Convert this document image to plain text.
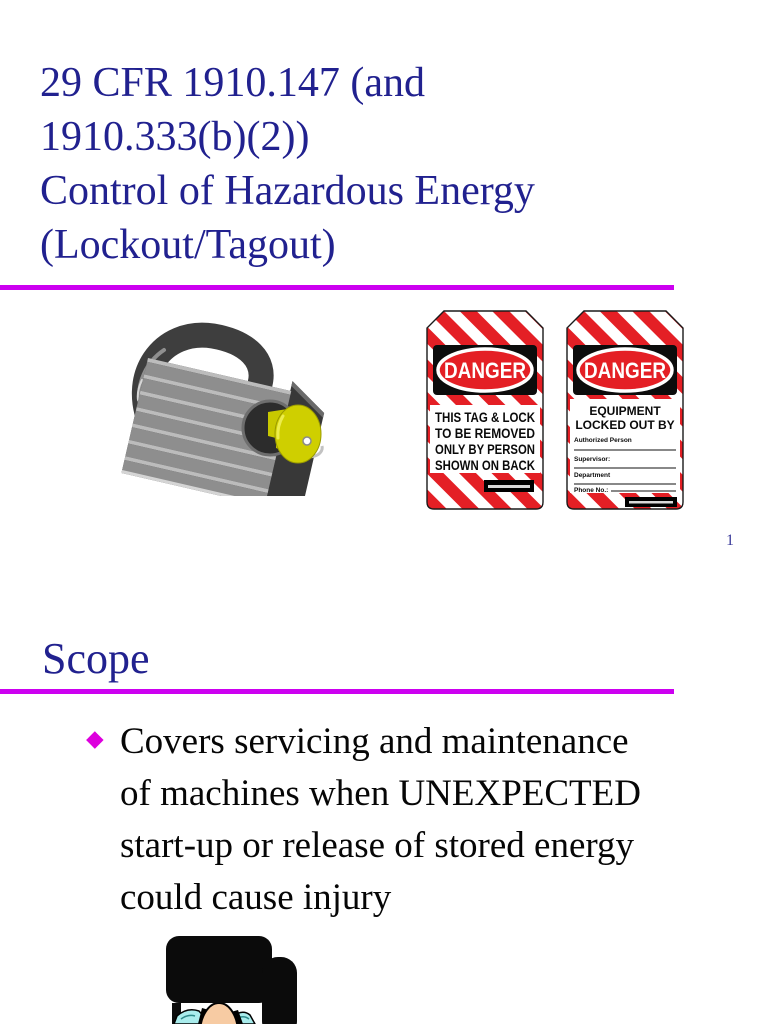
29 CFR 1910.147 (and
1910.333(b)(2))
Control of Hazardous Energy
(Lockout/Tagout)
DANGER
THIS TAG & LOCK
TO BE REMOVED
ONLY BY PERSON
SHOWN ON BACK
DANGER
EQUIPMENT
LOCKED OUT BY
Authorized Person
Supervisor:
Department
Phone No.:
1
Scope
◆ Covers servicing and maintenance
of machines when UNEXPECTED
start-up or release of stored energy
could cause injury
